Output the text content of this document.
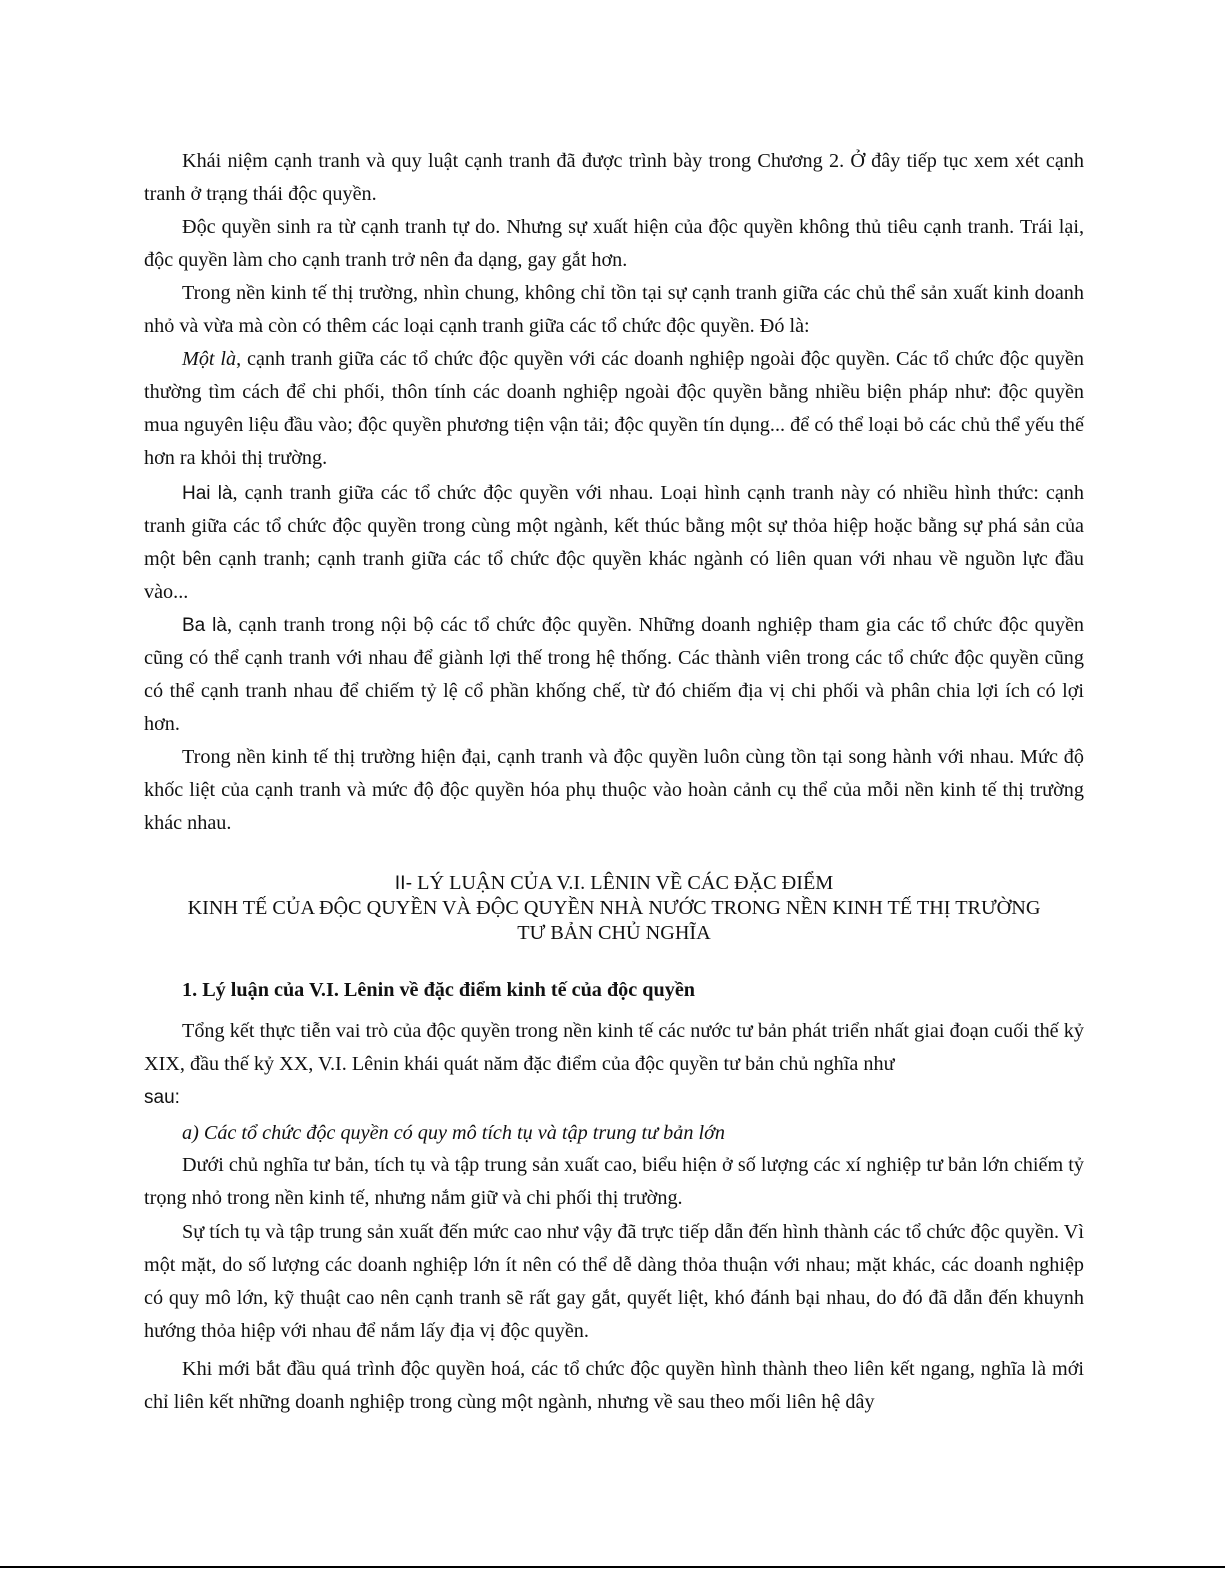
Khái niệm cạnh tranh và quy luật cạnh tranh đã được trình bày trong Chương 2. Ở đây tiếp tục xem xét cạnh tranh ở trạng thái độc quyền.

Độc quyền sinh ra từ cạnh tranh tự do. Nhưng sự xuất hiện của độc quyền không thủ tiêu cạnh tranh. Trái lại, độc quyền làm cho cạnh tranh trở nên đa dạng, gay gắt hơn.

Trong nền kinh tế thị trường, nhìn chung, không chỉ tồn tại sự cạnh tranh giữa các chủ thể sản xuất kinh doanh nhỏ và vừa mà còn có thêm các loại cạnh tranh giữa các tổ chức độc quyền. Đó là:

Một là, cạnh tranh giữa các tổ chức độc quyền với các doanh nghiệp ngoài độc quyền. Các tổ chức độc quyền thường tìm cách để chi phối, thôn tính các doanh nghiệp ngoài độc quyền bằng nhiều biện pháp như: độc quyền mua nguyên liệu đầu vào; độc quyền phương tiện vận tải; độc quyền tín dụng... để có thể loại bỏ các chủ thể yếu thế hơn ra khỏi thị trường.

Hai là, cạnh tranh giữa các tổ chức độc quyền với nhau. Loại hình cạnh tranh này có nhiều hình thức: cạnh tranh giữa các tổ chức độc quyền trong cùng một ngành, kết thúc bằng một sự thỏa hiệp hoặc bằng sự phá sản của một bên cạnh tranh; cạnh tranh giữa các tổ chức độc quyền khác ngành có liên quan với nhau về nguồn lực đầu vào...

Ba là, cạnh tranh trong nội bộ các tổ chức độc quyền. Những doanh nghiệp tham gia các tổ chức độc quyền cũng có thể cạnh tranh với nhau để giành lợi thế trong hệ thống. Các thành viên trong các tổ chức độc quyền cũng có thể cạnh tranh nhau để chiếm tỷ lệ cổ phần khống chế, từ đó chiếm địa vị chi phối và phân chia lợi ích có lợi hơn.

Trong nền kinh tế thị trường hiện đại, cạnh tranh và độc quyền luôn cùng tồn tại song hành với nhau. Mức độ khốc liệt của cạnh tranh và mức độ độc quyền hóa phụ thuộc vào hoàn cảnh cụ thể của mỗi nền kinh tế thị trường khác nhau.

II- LÝ LUẬN CỦA V.I. LÊNIN VỀ CÁC ĐẶC ĐIỂM
KINH TẾ CỦA ĐỘC QUYỀN VÀ ĐỘC QUYỀN NHÀ NƯỚC TRONG NỀN KINH TẾ THỊ TRƯỜNG
TƯ BẢN CHỦ NGHĨA

1. Lý luận của V.I. Lênin về đặc điểm kinh tế của độc quyền

Tổng kết thực tiễn vai trò của độc quyền trong nền kinh tế các nước tư bản phát triển nhất giai đoạn cuối thế kỷ XIX, đầu thế kỷ XX, V.I. Lênin khái quát năm đặc điểm của độc quyền tư bản chủ nghĩa như
sau:

a) Các tổ chức độc quyền có quy mô tích tụ và tập trung tư bản lớn

Dưới chủ nghĩa tư bản, tích tụ và tập trung sản xuất cao, biểu hiện ở số lượng các xí nghiệp tư bản lớn chiếm tỷ trọng nhỏ trong nền kinh tế, nhưng nắm giữ và chi phối thị trường.

Sự tích tụ và tập trung sản xuất đến mức cao như vậy đã trực tiếp dẫn đến hình thành các tổ chức độc quyền. Vì một mặt, do số lượng các doanh nghiệp lớn ít nên có thể dễ dàng thỏa thuận với nhau; mặt khác, các doanh nghiệp có quy mô lớn, kỹ thuật cao nên cạnh tranh sẽ rất gay gắt, quyết liệt, khó đánh bại nhau, do đó đã dẫn đến khuynh hướng thỏa hiệp với nhau để nắm lấy địa vị độc quyền.

Khi mới bắt đầu quá trình độc quyền hoá, các tổ chức độc quyền hình thành theo liên kết ngang, nghĩa là mới chỉ liên kết những doanh nghiệp trong cùng một ngành, nhưng về sau theo mối liên hệ dây
